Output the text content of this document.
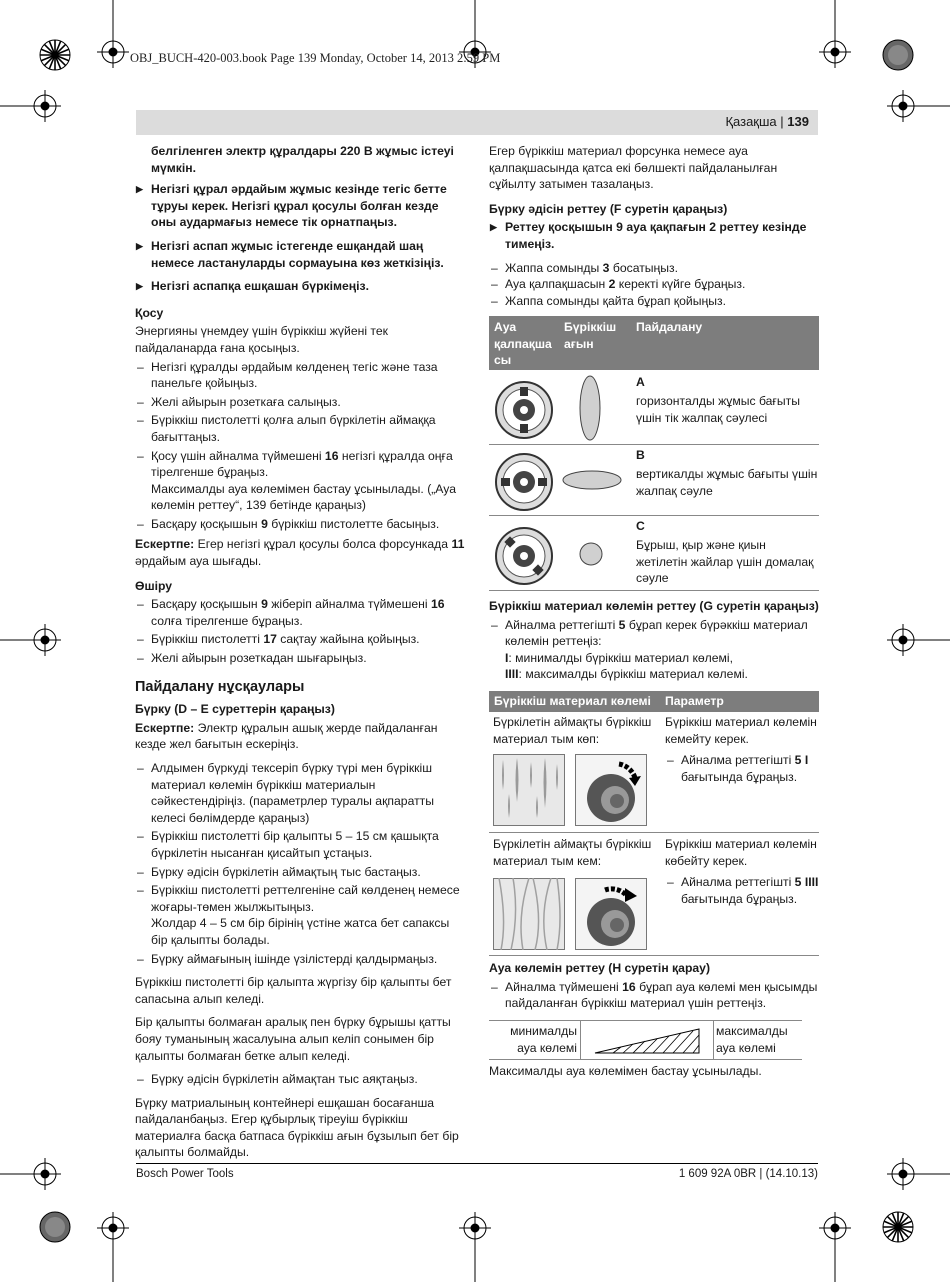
OBJ_BUCH-420-003.book Page 139 Monday, October 14, 2013 2:59 PM
Қазақша | 139
белгіленген электр құралдары 220 В жұмыс істеуі мүмкін.
▶ Негізгі құрал әрдайым жұмыс кезінде тегіс бетте тұруы керек. Негізгі құрал қосулы болған кезде оны аудармағыз немесе тік орнатпаңыз.
▶ Негізгі аспап жұмыс істегенде ешқандай шаң немесе ластануларды сормауына көз жеткізіңіз.
▶ Негізгі аспапқа ешқашан бүркімеңіз.
Қосу
Энергияны үнемдеу үшін бүріккіш жүйені тек пайдаланарда ғана қосыңыз.
– Негізгі құралды әрдайым көлденең тегіс және таза панельге қойыңыз.
– Желі айырын розеткаға салыңыз.
– Бүріккіш пистолетті қолға алып бүркілетін аймаққа бағыттаңыз.
– Қосу үшін айналма түймешені 16 негізгі құралда оңға тірелгенше бұраңыз.
Максималды ауа көлемімен бастау ұсынылады. („Ауа көлемін реттеу“, 139 бетінде қараңыз)
– Басқару қосқышын 9 бүріккіш пистолетте басыңыз.
Ескертпе: Егер негізгі құрал қосулы болса форсункада 11 әрдайым ауа шығады.
Өшіру
– Басқару қосқышын 9 жіберіп айналма түймешені 16 солға тірелгенше бұраңыз.
– Бүріккіш пистолетті 17 сақтау жайына қойыңыз.
– Желі айырын розеткадан шығарыңыз.
Пайдалану нұсқаулары
Бүрку (D – E суреттерін қараңыз)
Ескертпе: Электр құралын ашық жерде пайдаланған кезде жел бағытын ескеріңіз.
– Алдымен бүркуді тексеріп бүрку түрі мен бүріккіш материал көлемін бүріккіш материалын сәйкестендіріңіз. (параметрлер туралы ақпаратты келесі бөлімдерде қараңыз)
– Бүріккіш пистолетті бір қалыпты 5 – 15 см қашықта бүркілетін нысанған қисайтып ұстаңыз.
– Бүрку әдісін бүркілетін аймақтың тыс бастаңыз.
– Бүріккіш пистолетті реттелгеніне сай көлденең немесе жоғары-төмен жылжытыңыз.
Жолдар 4 – 5 см бір бірінің үстіне жатса бет сапаксы бір қалыпты болады.
– Бүрку аймағының ішінде үзілістерді қалдырмаңыз.
Бүріккіш пистолетті бір қалыпта жүргізу бір қалыпты бет сапасына алып келеді.
Бір қалыпты болмаған аралық пен бүрку бұрышы қатты бояу туманының жасалуына алып келіп сонымен бір қалыпты болмаған бетке алып келеді.
– Бүрку әдісін бүркілетін аймақтан тыс аяқтаңыз.
Бүрку матриалының контейнері ешқашан босағанша пайдаланбаңыз. Егер құбырлық тіреуіш бүріккіш материалға басқа батпаса бүріккіш ағын бұзылып бет бір қалыпты болмайды.
Егер бүріккіш материал форсунка немесе ауа қалпақшасында қатса екі бөлшекті пайдаланылған сұйылту затымен тазалаңыз.
Бүрку әдісін реттеу (F суретін қараңыз)
▶ Реттеу қосқышын 9 ауа қақпағын 2 реттеу кезінде тимеңіз.
– Жаппа сомынды 3 босатыңыз.
– Ауа қалпақшасын 2 керекті күйге бұраңыз.
– Жаппа сомынды қайта бұрап қойыңыз.
Ауа қалпақша сы
Бүріккіш ағын
Пайдалану
A
горизонталды жұмыс бағыты үшін тік жалпақ сәулесі
B
вертикалды жұмыс бағыты үшін жалпақ сәуле
C
Бұрыш, қыр және қиын жетілетін жайлар үшін домалақ сәуле
Бүріккіш материал көлемін реттеу (G суретін қараңыз)
– Айналма реттегішті 5 бұрап керек бүрәккіш материал көлемін реттеңіз:
I: минималды бүріккіш материал көлемі,
IIII: максималды бүріккіш материал көлемі.
Бүріккіш материал көлемі Параметр
Бүркілетін аймақты бүріккіш материал тым көп:
Бүріккіш материал көлемін кемейту керек.
– Айналма реттегішті 5 I бағытында бұраңыз.
Бүркілетін аймақты бүріккіш материал тым кем:
Бүріккіш материал көлемін көбейту керек.
– Айналма реттегішті 5 IIII бағытында бұраңыз.
Ауа көлемін реттеу (H суретін қарау)
– Айналма түймешені 16 бұрап ауа көлемі мен қысымды пайдаланған бүріккіш материал үшін реттеңіз.
минималды ауа көлемі
максималды ауа көлемі
Максималды ауа көлемімен бастау ұсынылады.
Bosch Power Tools	1 609 92A 0BR | (14.10.13)
